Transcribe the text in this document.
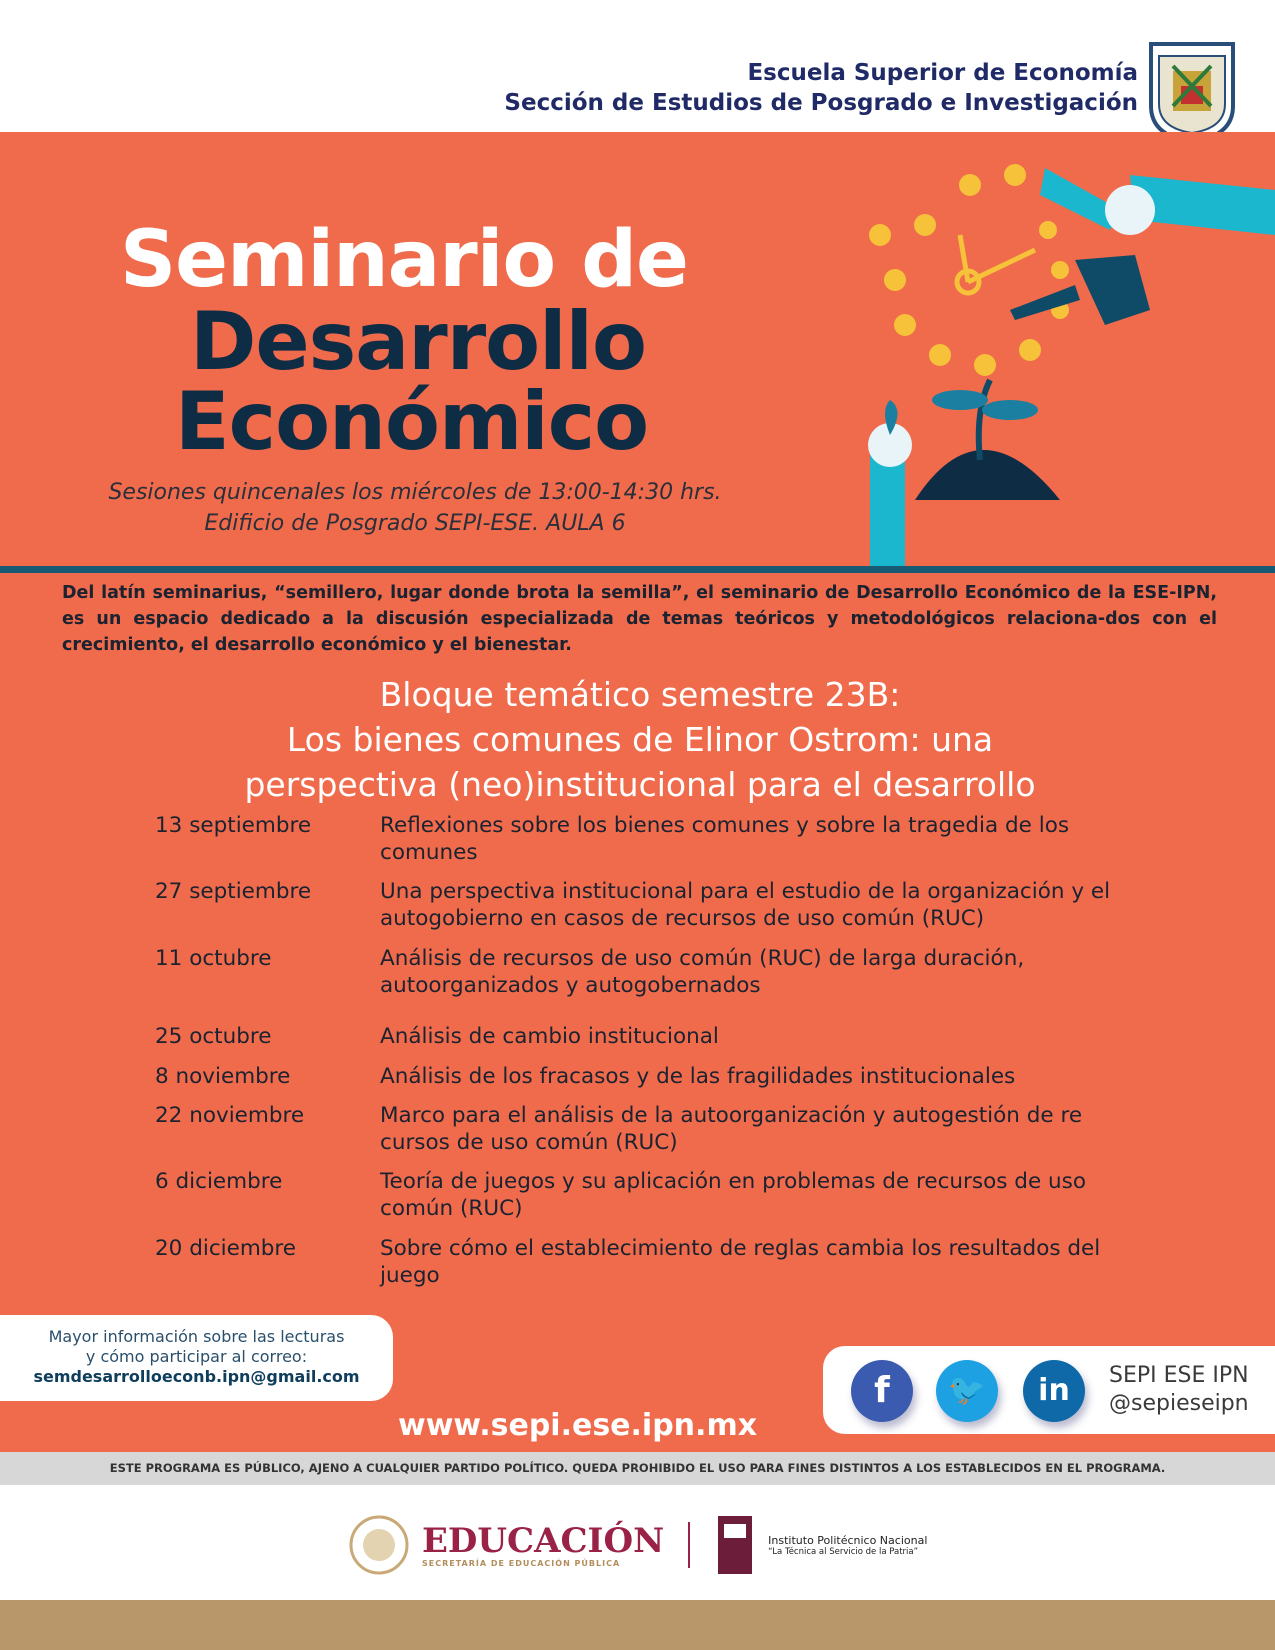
Escuela Superior de Economía
Sección de Estudios de Posgrado e Investigación
Seminario de
Desarrollo
Económico
Sesiones quincenales los miércoles de 13:00-14:30 hrs.
Edificio de Posgrado SEPI-ESE. AULA 6
Del latín seminarius, “semillero, lugar donde brota la semilla”, el seminario de Desarrollo Económico de la ESE-IPN, es un espacio dedicado a la discusión especializada de temas teóricos y metodológicos relaciona-dos con el crecimiento, el desarrollo económico y el bienestar.
Bloque temático semestre 23B:
Los bienes comunes de Elinor Ostrom: una
perspectiva (neo)institucional para el desarrollo
13 septiembre	Reflexiones sobre los bienes comunes y sobre la tragedia de los comunes
27 septiembre	Una perspectiva institucional para el estudio de la organización y el autogobierno en casos de recursos de uso común (RUC)
11 octubre	Análisis de recursos de uso común (RUC) de larga duración, autoorganizados y autogobernados
25 octubre	Análisis de cambio institucional
8 noviembre	Análisis de los fracasos y de las fragilidades institucionales
22 noviembre	Marco para el análisis de la autoorganización y autogestión de re cursos de uso común (RUC)
6 diciembre	Teoría de juegos y su aplicación en problemas de recursos de uso común (RUC)
20 diciembre	Sobre cómo el establecimiento de reglas cambia los resultados del juego
Mayor información sobre las lecturas
y cómo participar al correo:
semdesarrolloeconb.ipn@gmail.com	f	🐦	in	SEPI ESE IPN
@sepieseipn
www.sepi.ese.ipn.mx
ESTE PROGRAMA ES PÚBLICO, AJENO A CUALQUIER PARTIDO POLÍTICO. QUEDA PROHIBIDO EL USO PARA FINES DISTINTOS A LOS ESTABLECIDOS EN EL PROGRAMA.
EDUCACIÓN
SECRETARÍA DE EDUCACIÓN PÚBLICA
Instituto Politécnico Nacional
“La Técnica al Servicio de la Patria”
